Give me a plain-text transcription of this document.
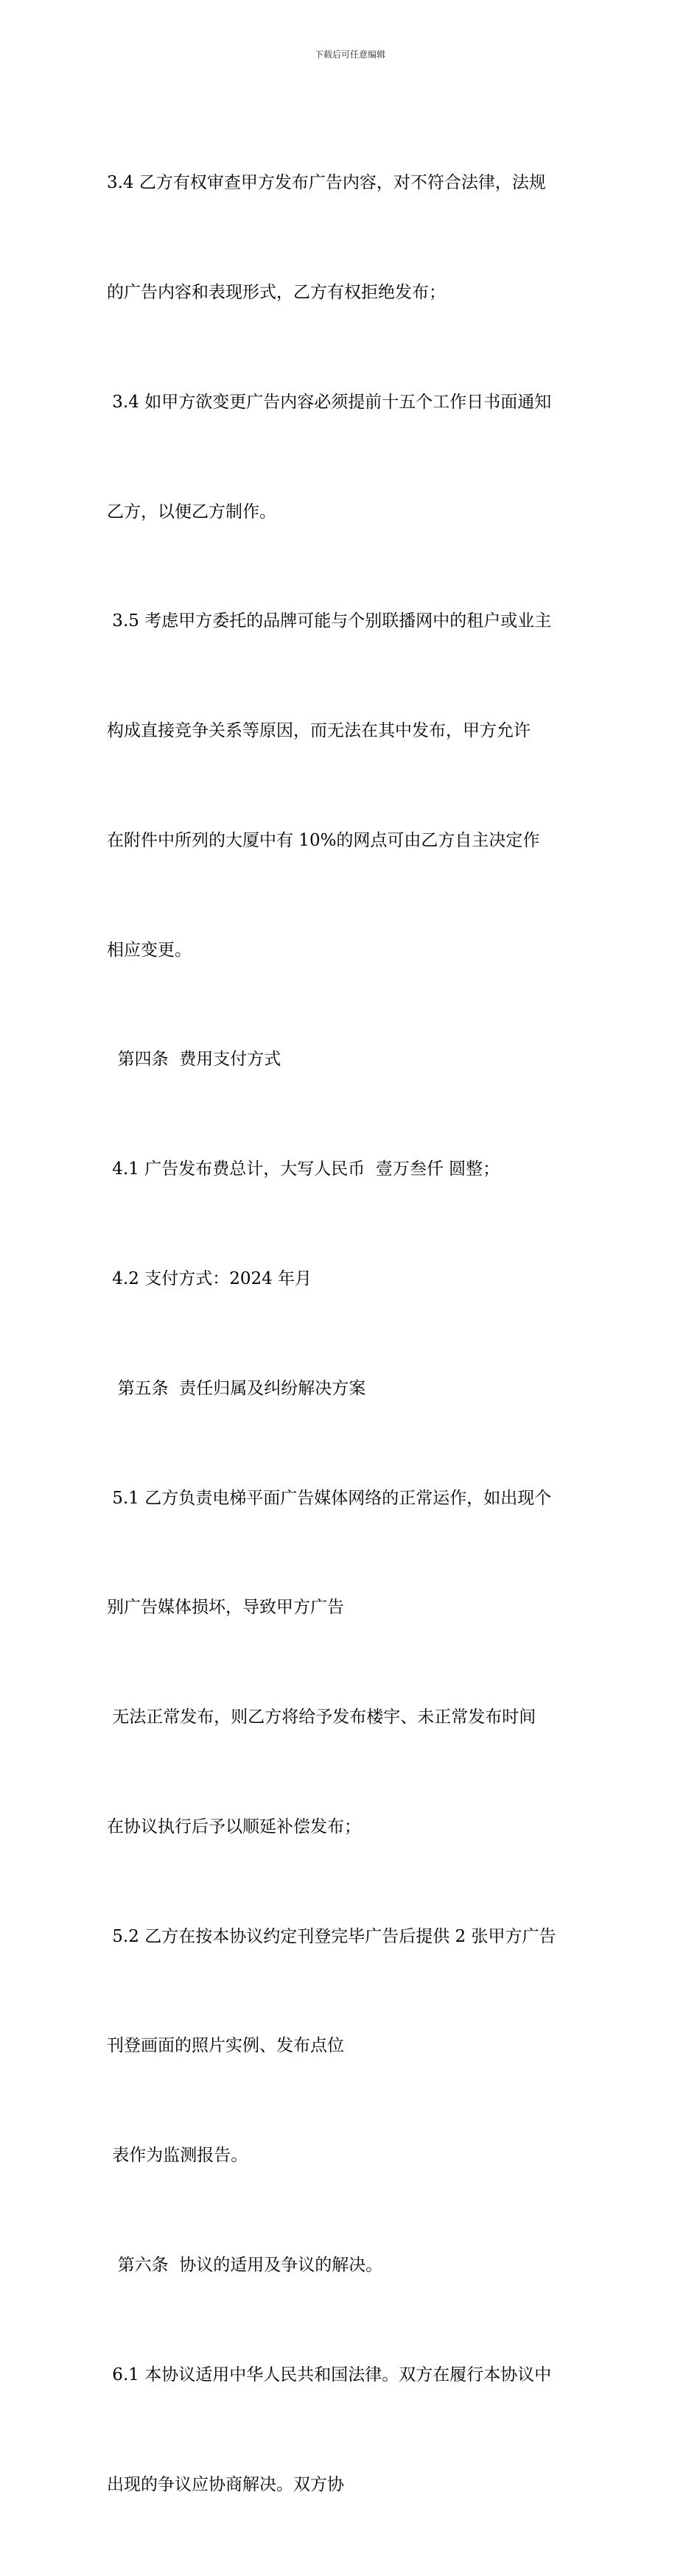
下载后可任意编辑

3.4 乙方有权审查甲方发布广告内容，对不符合法律，法规

的广告内容和表现形式，乙方有权拒绝发布；

3.4 如甲方欲变更广告内容必须提前十五个工作日书面通知

乙方，以便乙方制作。

3.5 考虑甲方委托的品牌可能与个别联播网中的租户或业主

构成直接竞争关系等原因，而无法在其中发布，甲方允许

在附件中所列的大厦中有 10%的网点可由乙方自主决定作

相应变更。

第四条  费用支付方式

4.1 广告发布费总计，大写人民币  壹万叁仟 圆整；

4.2 支付方式：2024 年月

第五条  责任归属及纠纷解决方案

5.1 乙方负责电梯平面广告媒体网络的正常运作，如出现个

别广告媒体损坏，导致甲方广告

无法正常发布，则乙方将给予发布楼宇、未正常发布时间

在协议执行后予以顺延补偿发布；

5.2 乙方在按本协议约定刊登完毕广告后提供 2 张甲方广告

刊登画面的照片实例、发布点位

表作为监测报告。

第六条  协议的适用及争议的解决。

6.1 本协议适用中华人民共和国法律。双方在履行本协议中

出现的争议应协商解决。双方协
